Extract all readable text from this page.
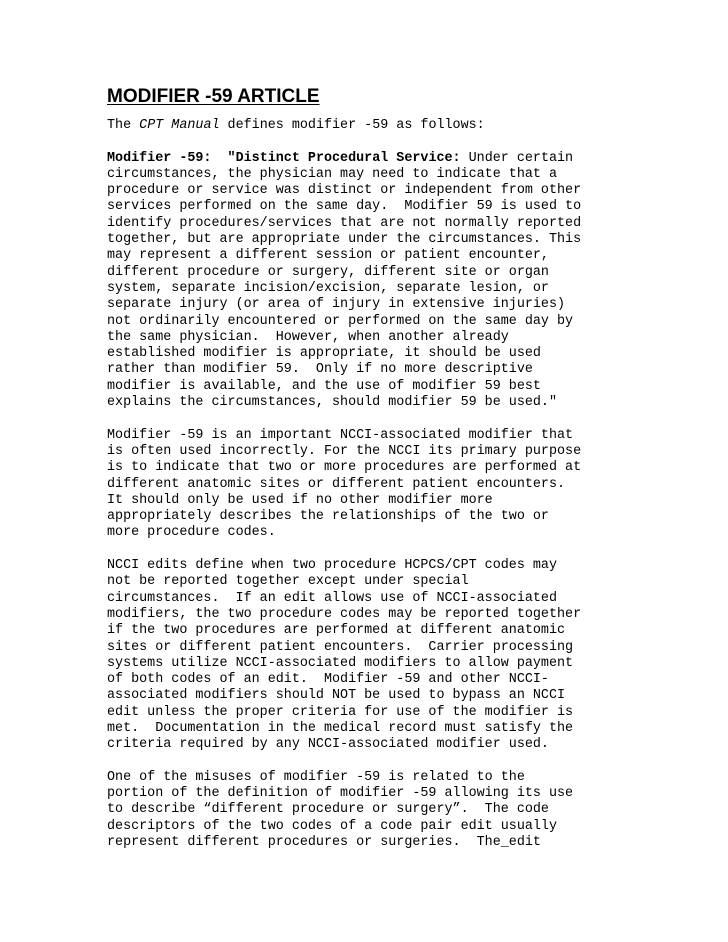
MODIFIER -59 ARTICLE
The CPT Manual defines modifier -59 as follows:
Modifier -59: "Distinct Procedural Service: Under certain
circumstances, the physician may need to indicate that a
procedure or service was distinct or independent from other
services performed on the same day.  Modifier 59 is used to
identify procedures/services that are not normally reported
together, but are appropriate under the circumstances. This
may represent a different session or patient encounter,
different procedure or surgery, different site or organ
system, separate incision/excision, separate lesion, or
separate injury (or area of injury in extensive injuries)
not ordinarily encountered or performed on the same day by
the same physician.  However, when another already
established modifier is appropriate, it should be used
rather than modifier 59.  Only if no more descriptive
modifier is available, and the use of modifier 59 best
explains the circumstances, should modifier 59 be used."
Modifier -59 is an important NCCI-associated modifier that
is often used incorrectly. For the NCCI its primary purpose
is to indicate that two or more procedures are performed at
different anatomic sites or different patient encounters.
It should only be used if no other modifier more
appropriately describes the relationships of the two or
more procedure codes.
NCCI edits define when two procedure HCPCS/CPT codes may
not be reported together except under special
circumstances.  If an edit allows use of NCCI-associated
modifiers, the two procedure codes may be reported together
if the two procedures are performed at different anatomic
sites or different patient encounters.  Carrier processing
systems utilize NCCI-associated modifiers to allow payment
of both codes of an edit.  Modifier -59 and other NCCI-
associated modifiers should NOT be used to bypass an NCCI
edit unless the proper criteria for use of the modifier is
met.  Documentation in the medical record must satisfy the
criteria required by any NCCI-associated modifier used.
One of the misuses of modifier -59 is related to the
portion of the definition of modifier -59 allowing its use
to describe “different procedure or surgery”.  The code
descriptors of the two codes of a code pair edit usually
represent different procedures or surgeries.  The_edit
